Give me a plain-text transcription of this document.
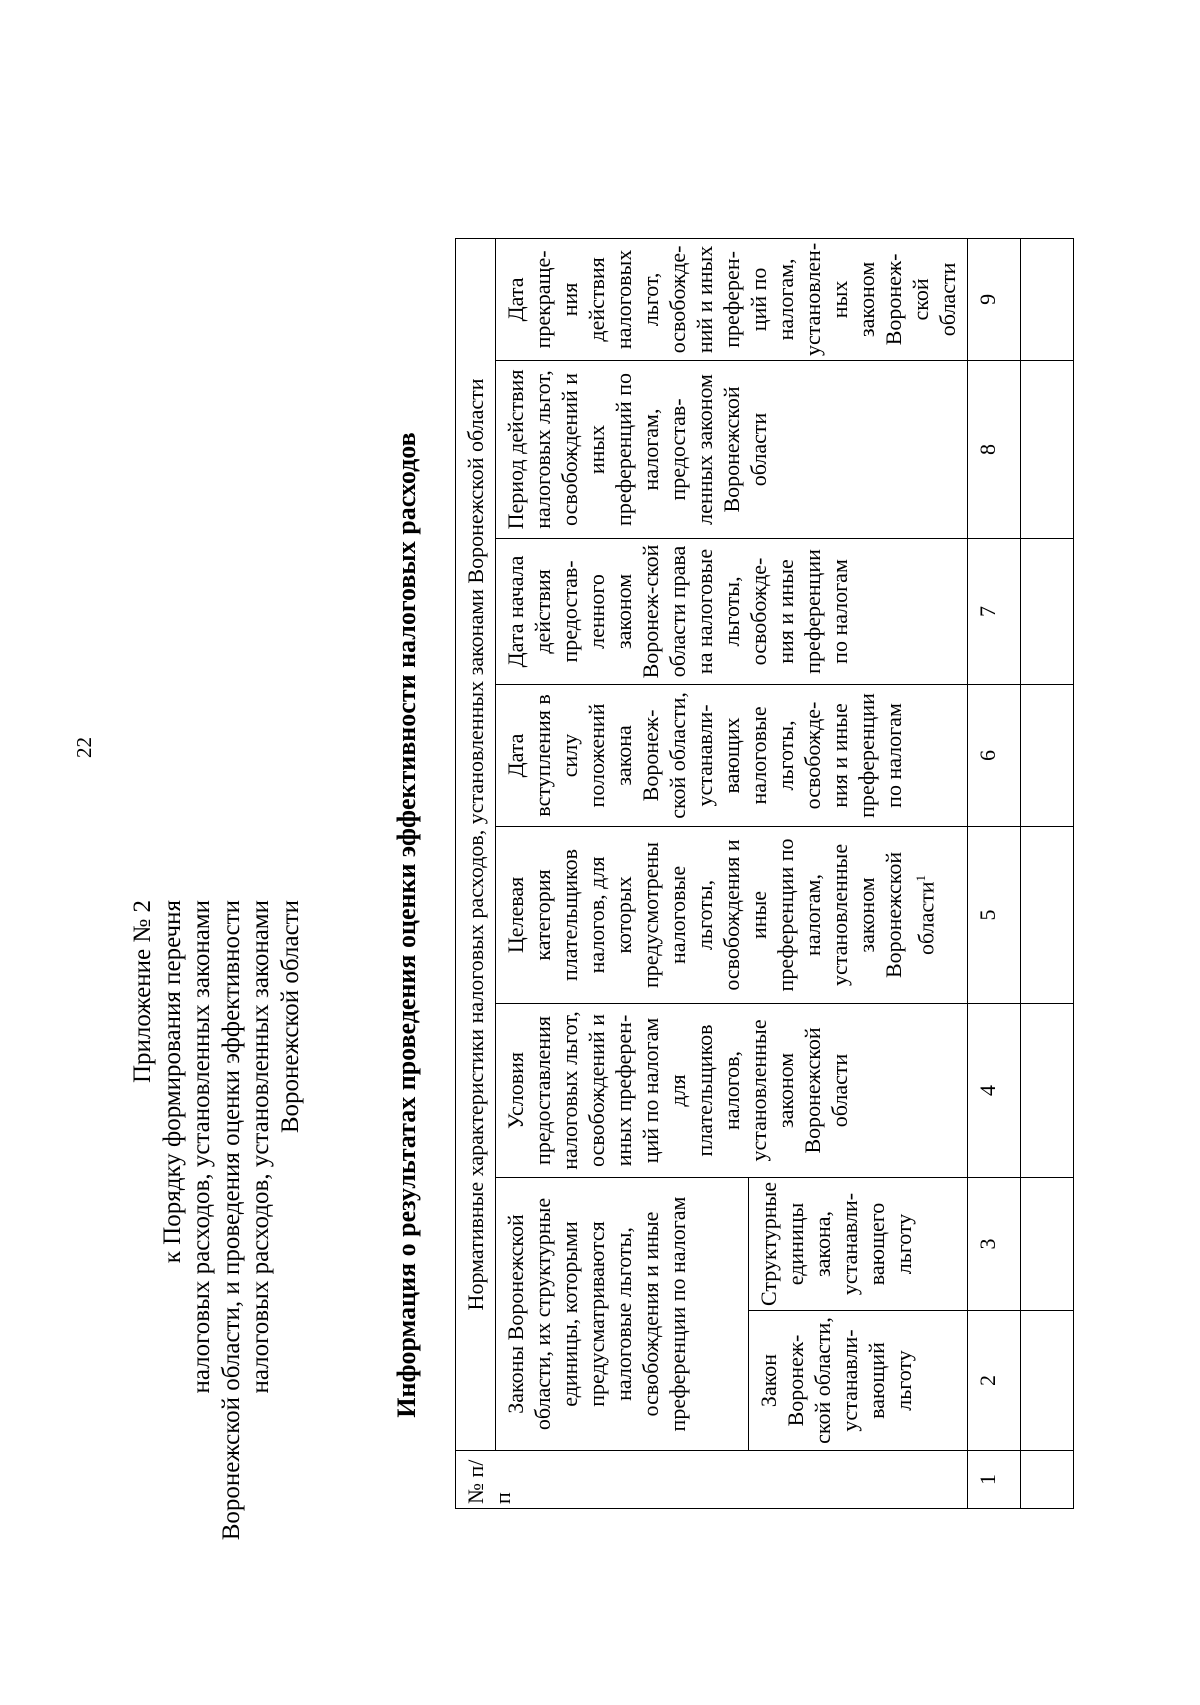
22
Приложение № 2 к Порядку формирования перечня налоговых расходов, установленных законами Воронежской области, и проведения оценки эффективности налоговых расходов, установленных законами Воронежской области	Информация о результатах проведения оценки эффективности налоговых расходов
№ п/п	Нормативные характеристики налоговых расходов, установленных законами Воронежской области							
	Законы Воронежской области, их структурные единицы, которыми предусматриваются налоговые льготы, освобождения и иные преференции по налогам		Условия предоставления налоговых льгот, освобождений и иных преферен-ций по налогам для плательщиков налогов, установленные законом Воронежской области	Целевая категория плательщиков налогов, для которых предусмотрены налоговые льготы, освобождения и иные преференции по налогам, установленные законом Воронежской области$^1$	Дата вступления в силу положений закона Воронеж-ской области, устанавли-вающих налоговые льготы, освобожде-ния и иные преференции по налогам	Дата начала действия предостав-ленного законом Воронеж-ской области права на налоговые льготы, освобожде-ния и иные преференции по налогам	Период действия налоговых льгот, освобождений и иных преференций по налогам, предостав-ленных законом Воронежской области	Дата прекраще-ния действия налоговых льгот, освобожде-ний и иных преферен-ций по налогам, установлен-ных законом Воронеж-ской области
	Закон Воронеж-ской области, устанавли-вающий льготу	Структурные единицы закона, устанавли-вающего льготу						
1	2	3	4	5	6	7	8	9
